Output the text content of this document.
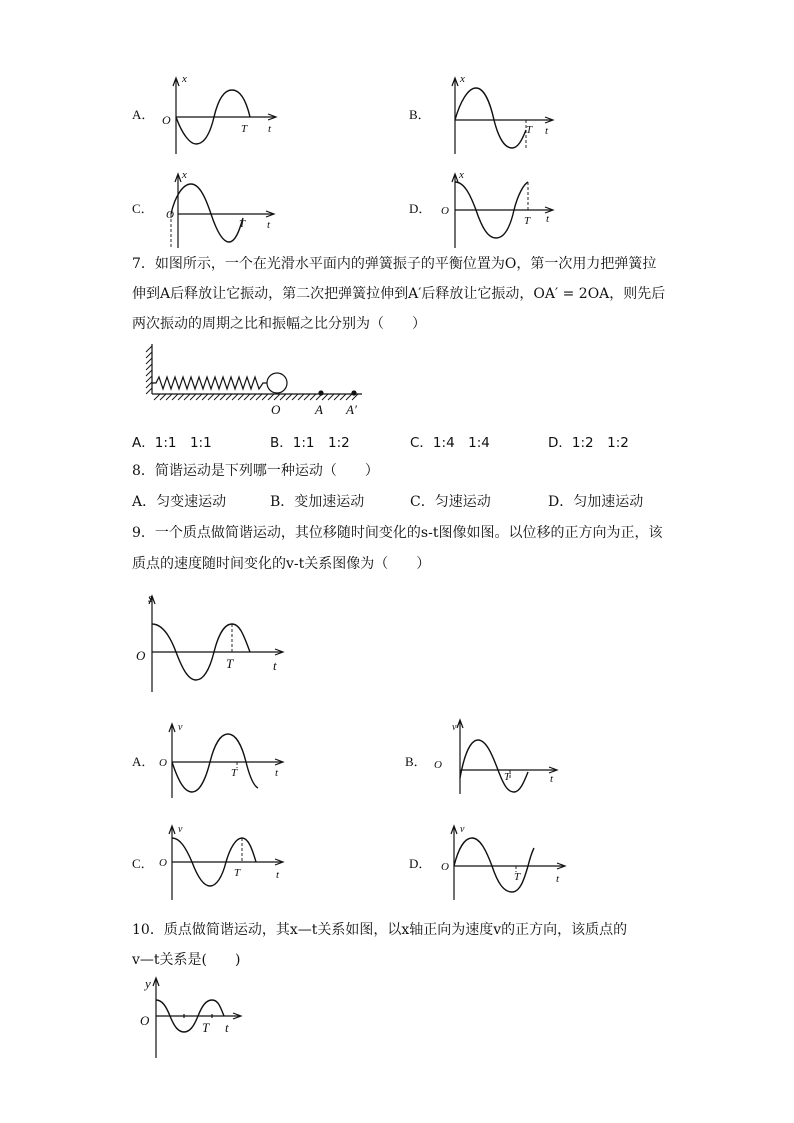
A．
x
O
T t
B．
x
T t
C．
x
O
T t
D．
x
O
T t
7．如图所示，一个在光滑水平面内的弹簧振子的平衡位置为O，第一次用力把弹簧拉
伸到A后释放让它振动，第二次把弹簧拉伸到A′后释放让它振动，OA′ = 2OA，则先后
两次振动的周期之比和振幅之比分别为（　　）
O	A A′
A．1:1　1:1	B．1:1　1:2	C．1:4　1:4	D．1:2　1:2
8．简谐运动是下列哪一种运动（　　）
A．匀变速运动	B．变加速运动	C．匀速运动	D．匀加速运动
9．一个质点做简谐运动，其位移随时间变化的s-t图像如图。以位移的正方向为正，该
质点的速度随时间变化的v-t关系图像为（　　）
s
O
T	t
A．
v
O
T	t
B．
v
O
T	t
C．
v
O
T	t
D．
v
O
T	t
10．质点做简谐运动，其x—t关系如图，以x轴正向为速度v的正方向，该质点的
v—t关系是(　　)
y
O	T t
